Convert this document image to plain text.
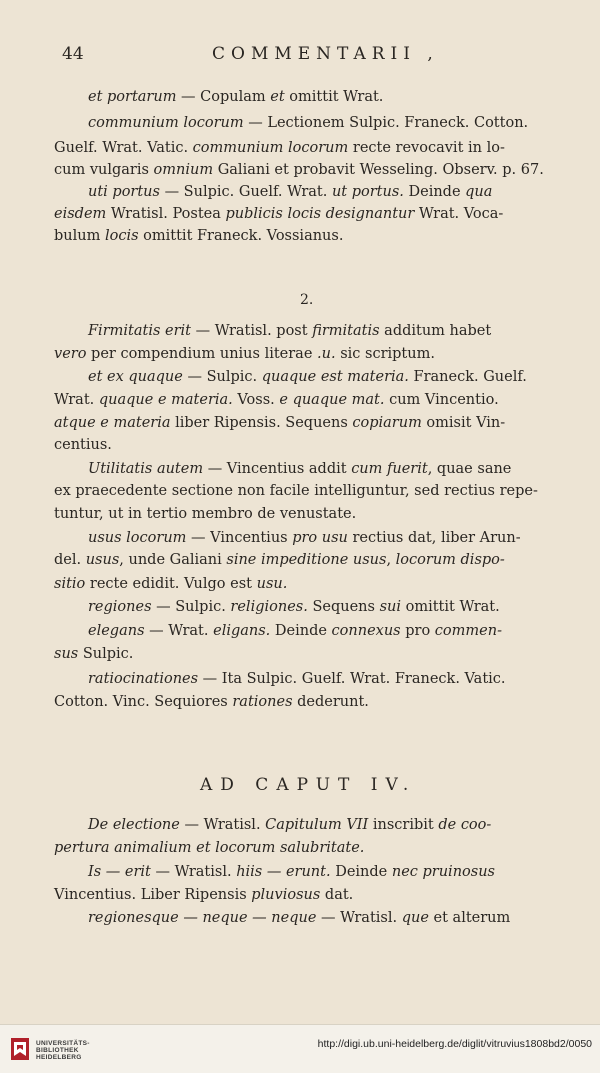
44	COMMENTARII ,
et portarum — Copulam et omittit Wrat.
communium locorum — Lectionem Sulpic. Franeck. Cotton.
Guelf. Wrat. Vatic. communium locorum recte revocavit in lo-
cum vulgaris omnium Galiani et probavit Wesseling. Observ. p. 67.
uti portus — Sulpic. Guelf. Wrat. ut portus. Deinde qua
eisdem Wratisl. Postea publicis locis designantur Wrat. Voca-
bulum locis omittit Franeck. Vossianus.
Firmitatis erit — Wratisl. post firmitatis additum habet
vero per compendium unius literae .u. sic scriptum.
et ex quaque — Sulpic. quaque est materia. Franeck. Guelf.
Wrat. quaque e materia. Voss. e quaque mat. cum Vincentio.
atque e materia liber Ripensis. Sequens copiarum omisit Vin-
centius.
Utilitatis autem — Vincentius addit cum fuerit, quae sane
ex praecedente sectione non facile intelliguntur, sed rectius repe-
tuntur, ut in tertio membro de venustate.
usus locorum — Vincentius pro usu rectius dat, liber Arun-
del. usus, unde Galiani sine impeditione usus, locorum dispo-
sitio recte edidit. Vulgo est usu.
regiones — Sulpic. religiones. Sequens sui omittit Wrat.
elegans — Wrat. eligans. Deinde connexus pro commen-
sus Sulpic.
ratiocinationes — Ita Sulpic. Guelf. Wrat. Franeck. Vatic.
Cotton. Vinc. Sequiores rationes dederunt.
De electione — Wratisl. Capitulum VII inscribit de coo-
pertura animalium et locorum salubritate.
Is — erit — Wratisl. hiis — erunt. Deinde nec pruinosus
Vincentius. Liber Ripensis pluviosus dat.
regionesque — neque — neque — Wratisl. que et alterum
2.
AD CAPUT IV.
UNIVERSITÄTS-
BIBLIOTHEK
HEIDELBERG
http://digi.ub.uni-heidelberg.de/diglit/vitruvius1808bd2/0050
